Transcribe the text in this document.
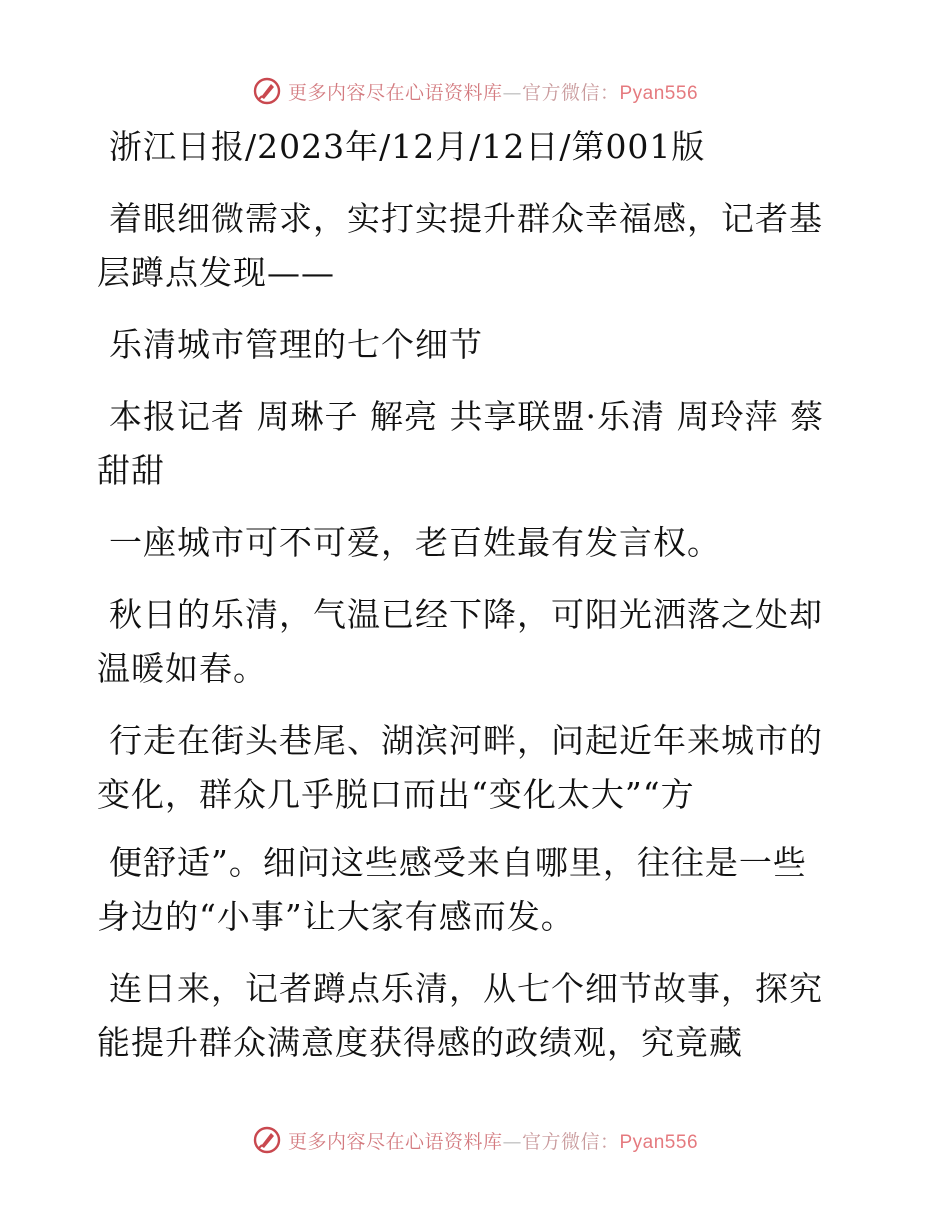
更多内容尽在心语资料库—官方微信：Pyan556

浙江日报/2023年/12月/12日/第001版

着眼细微需求，实打实提升群众幸福感，记者基层蹲点发现——

乐清城市管理的七个细节

本报记者 周琳子 解亮 共享联盟·乐清 周玲萍 蔡甜甜

一座城市可不可爱，老百姓最有发言权。

秋日的乐清，气温已经下降，可阳光洒落之处却温暖如春。

行走在街头巷尾、湖滨河畔，问起近年来城市的变化，群众几乎脱口而出“变化太大”“方

便舒适”。细问这些感受来自哪里，往往是一些身边的“小事”让大家有感而发。

连日来，记者蹲点乐清，从七个细节故事，探究能提升群众满意度获得感的政绩观，究竟藏

更多内容尽在心语资料库—官方微信：Pyan556
